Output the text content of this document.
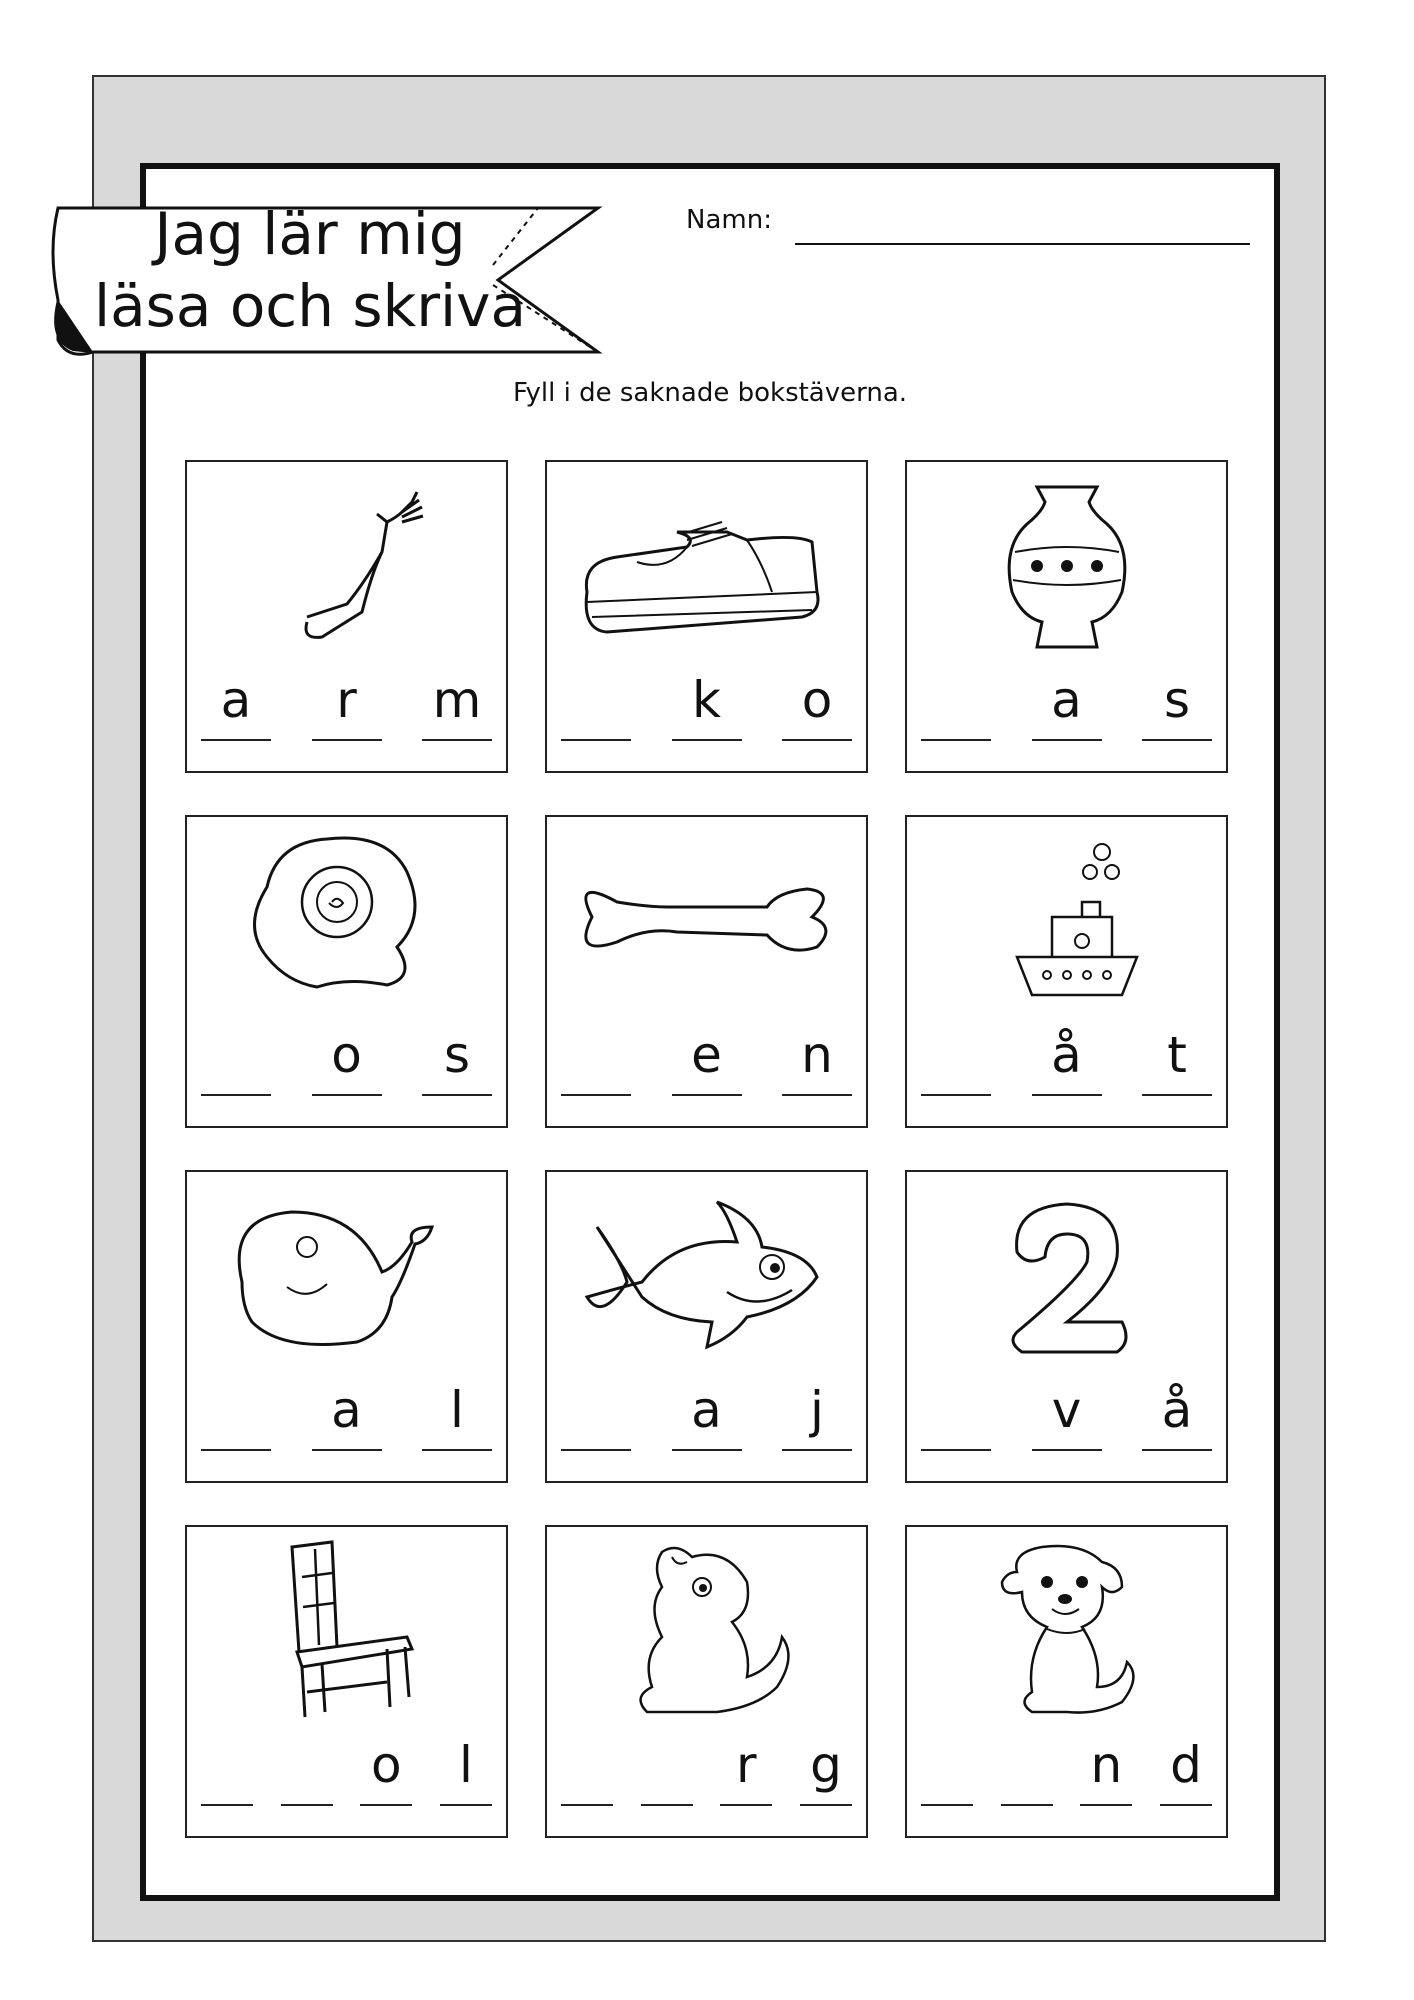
Jag lär mig
läsa och skriva
Namn:
Fyll i de saknade bokstäverna.
a	r	m	k	o	a	s
o	s	e	n	å	t
a	l	a	j	v	å
o	l	r	g	n d
